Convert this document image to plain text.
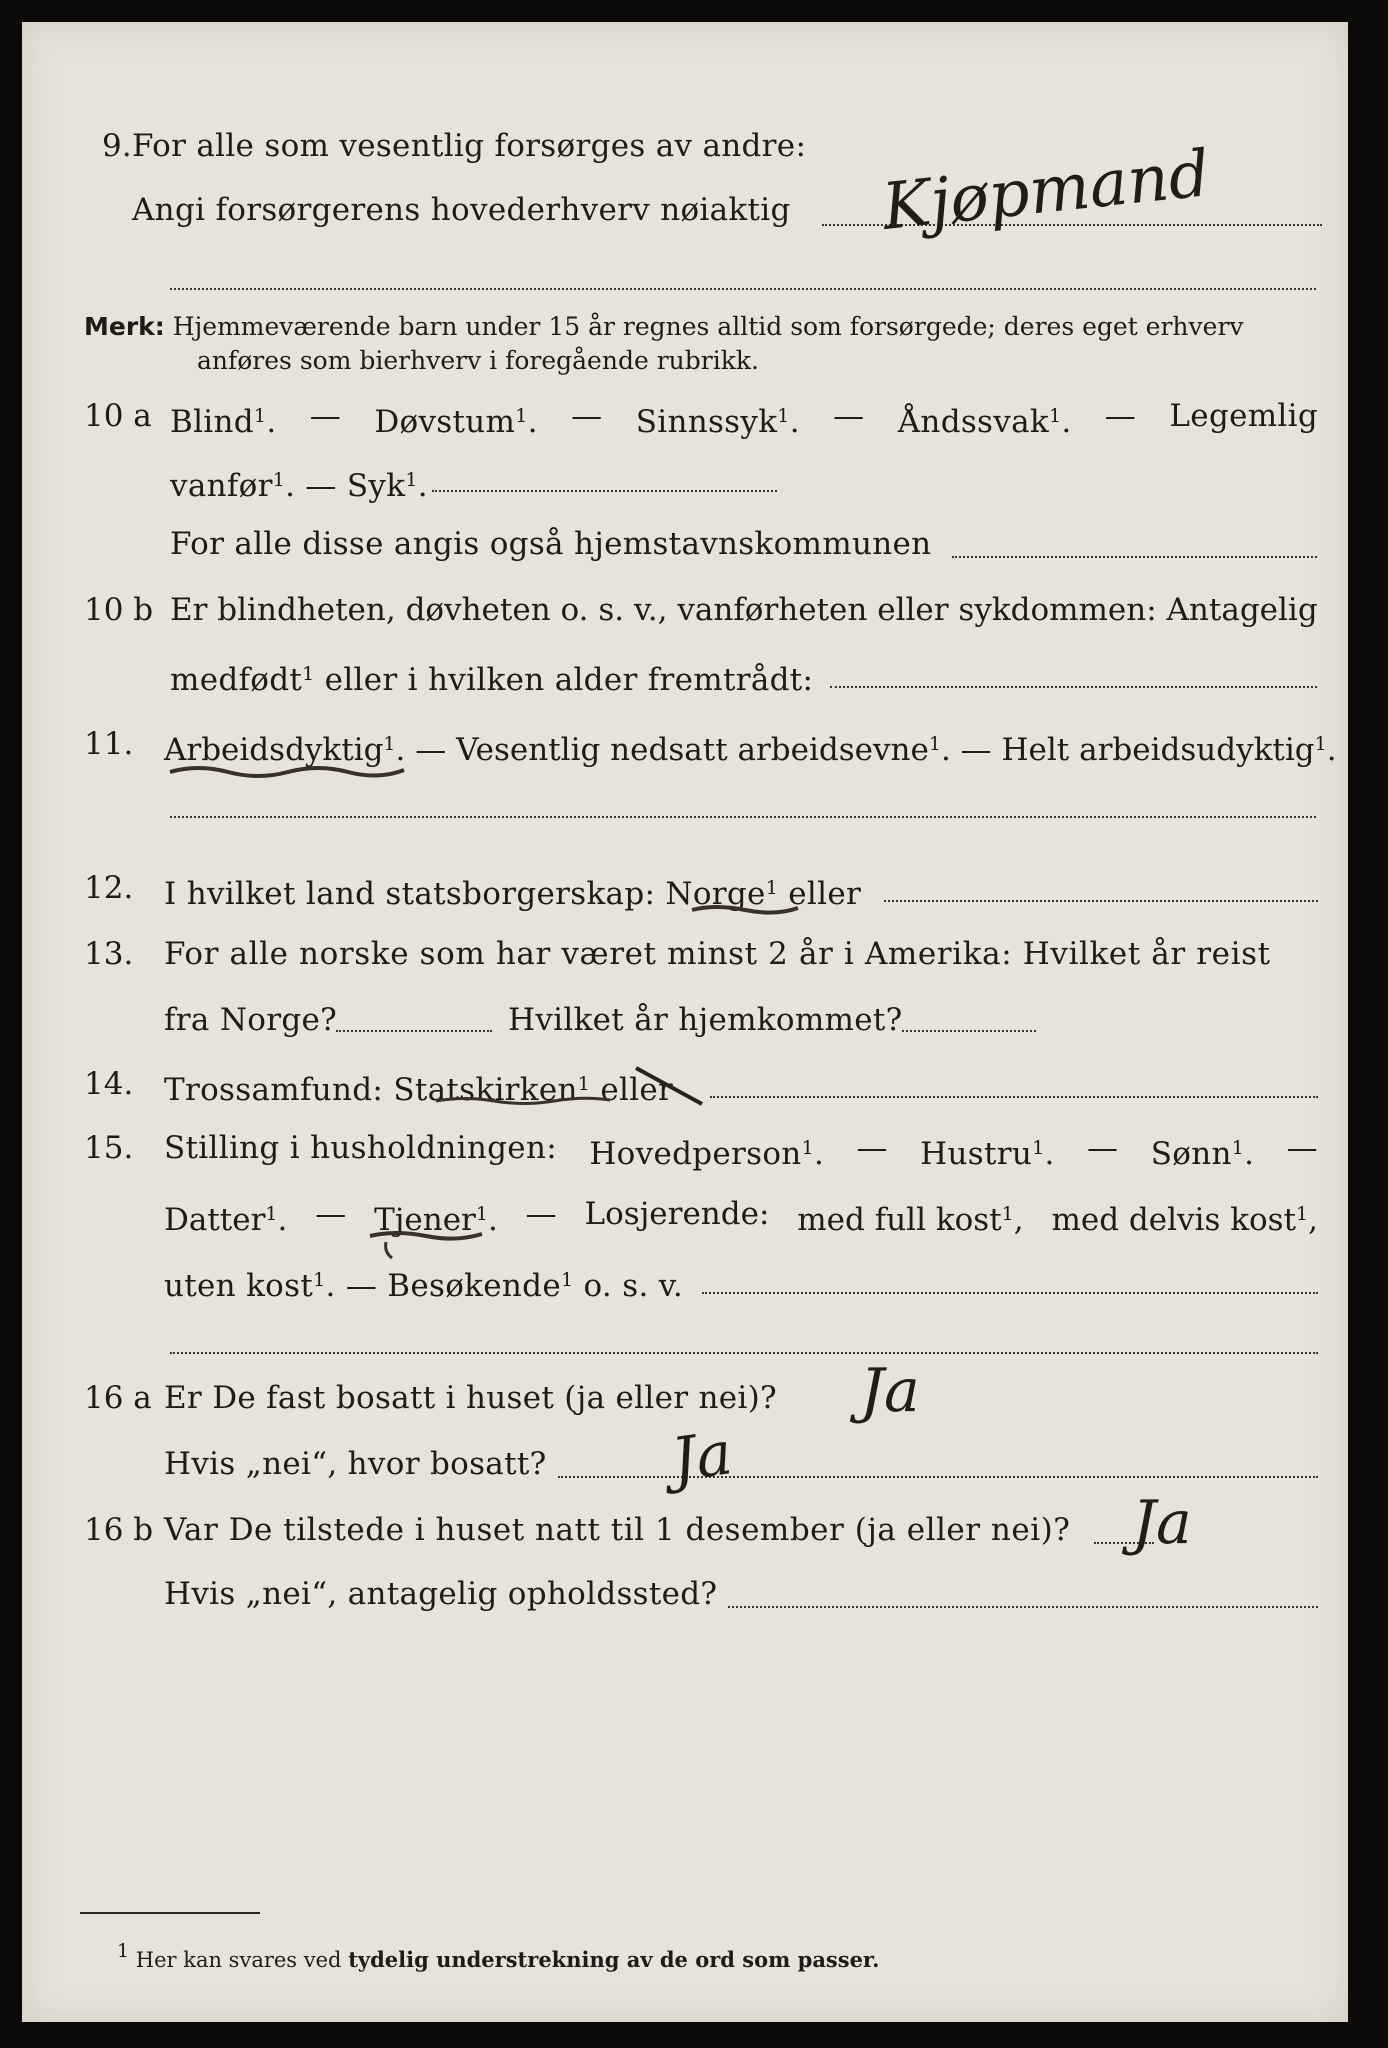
9. For alle som vesentlig forsørges av andre:
Angi forsørgerens hovederhverv nøiaktig Kjøpmand
Merk: Hjemmeværende barn under 15 år regnes alltid som forsørgede; deres eget erhverv
anføres som bierhverv i foregående rubrikk.
10 a Blind$^1$. — Døvstum$^1$. — Sinnssyk$^1$. — Åndssvak$^1$. — Legemlig
vanfør$^1$. — Syk$^1$.
For alle disse angis også hjemstavnskommunen
10 b Er blindheten, døvheten o. s. v., vanførheten eller sykdommen: Antagelig
medfødt$^1$ eller i hvilken alder fremtrådt:
11. Arbeidsdyktig$^1$. — Vesentlig nedsatt arbeidsevne$^1$. — Helt arbeidsudyktig$^1$.
12. I hvilket land statsborgerskap: Norge$^1$ eller
13. For alle norske som har været minst 2 år i Amerika: Hvilket år reist
fra Norge?	Hvilket år hjemkommet?
14. Trossamfund: Statskirken$^1$ eller
15. Stilling i husholdningen: Hovedperson$^1$. — Hustru$^1$. — Sønn$^1$. —
Datter$^1$. — Tjener$^1$. — Losjerende: med full kost$^1$, med delvis kost$^1$,
uten kost$^1$. — Besøkende$^1$ o. s. v.
16 a Er De fast bosatt i huset (ja eller nei)? Ja
Hvis „nei“, hvor bosatt? Ja
16 b Var De tilstede i huset natt til 1 desember (ja eller nei)? Ja
Hvis „nei“, antagelig opholdssted?
1 Her kan svares ved tydelig understrekning av de ord som passer.
